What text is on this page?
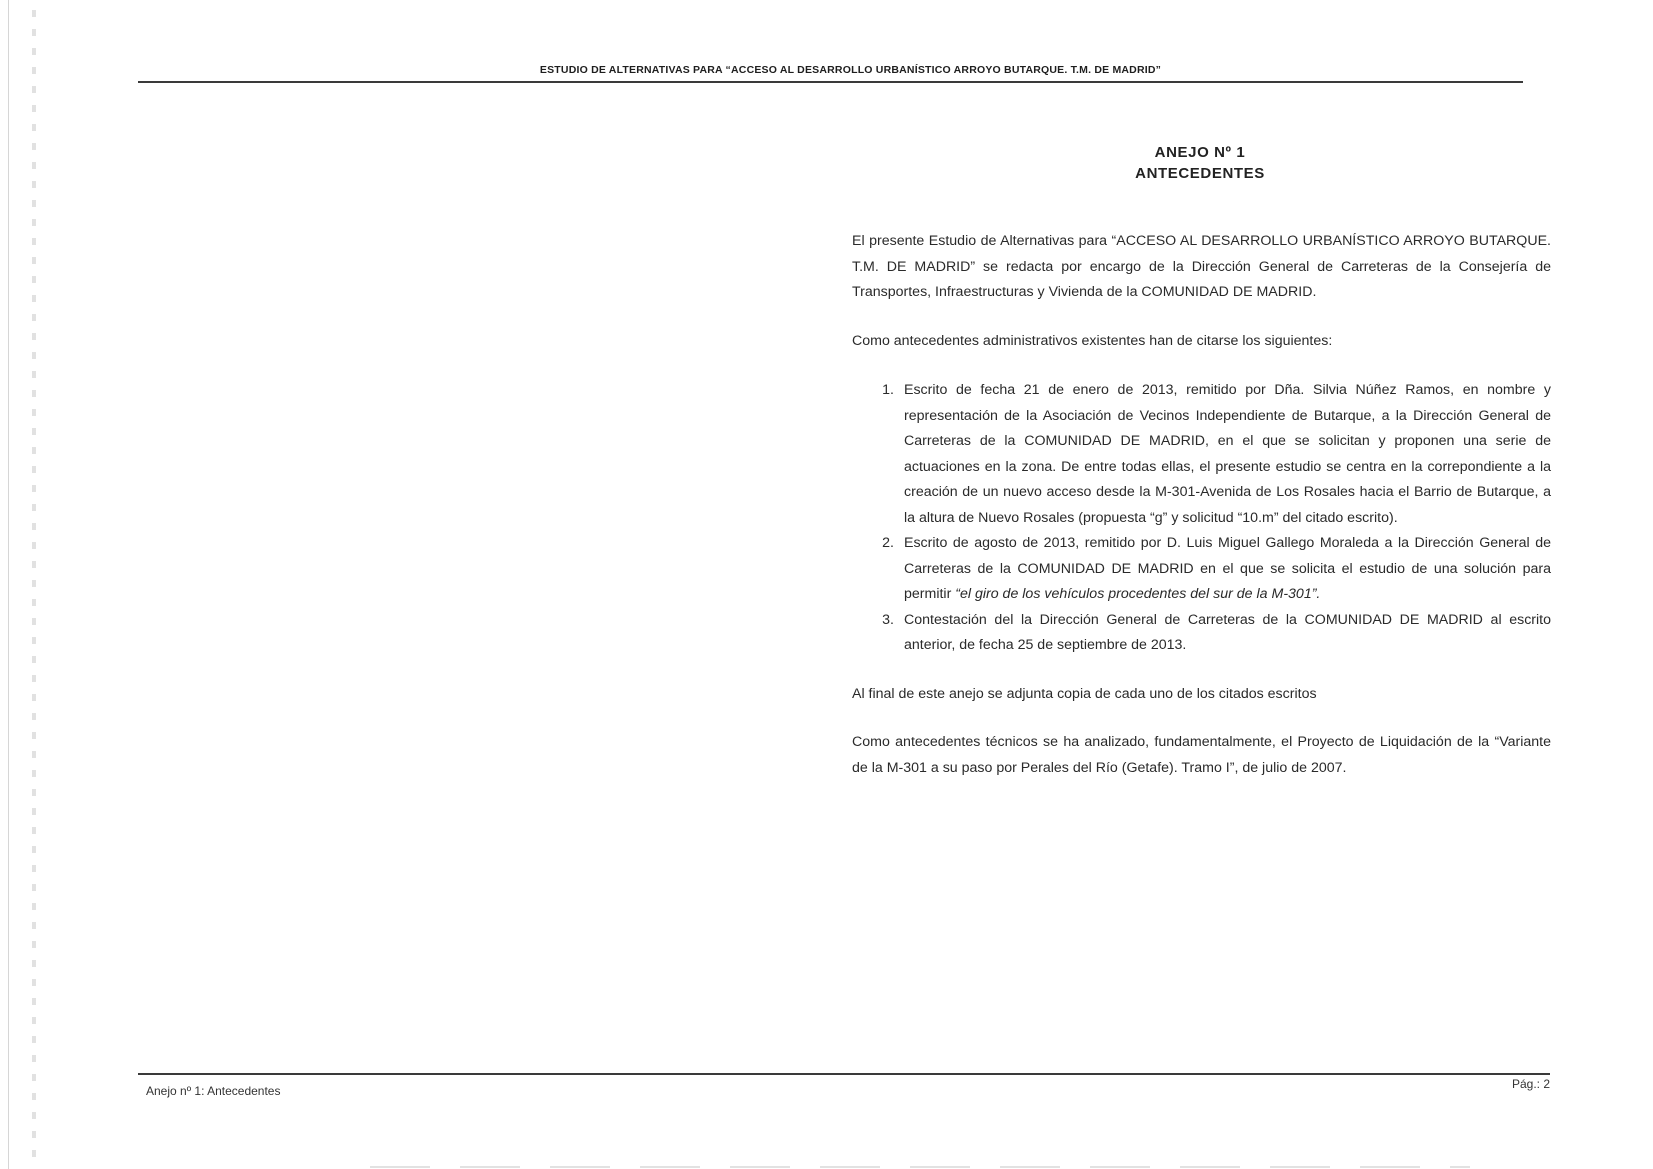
ESTUDIO DE ALTERNATIVAS PARA “ACCESO AL DESARROLLO URBANÍSTICO ARROYO BUTARQUE. T.M. DE MADRID”
ANEJO Nº 1
ANTECEDENTES

El presente Estudio de Alternativas para “ACCESO AL DESARROLLO URBANÍSTICO ARROYO BUTARQUE. T.M. DE MADRID” se redacta por encargo de la Dirección General de Carreteras de la Consejería de Transportes, Infraestructuras y Vivienda de la COMUNIDAD DE MADRID.

Como antecedentes administrativos existentes han de citarse los siguientes:

1. Escrito de fecha 21 de enero de 2013, remitido por Dña. Silvia Núñez Ramos, en nombre y representación de la Asociación de Vecinos Independiente de Butarque, a la Dirección General de Carreteras de la COMUNIDAD DE MADRID, en el que se solicitan y proponen una serie de actuaciones en la zona. De entre todas ellas, el presente estudio se centra en la correpondiente a la creación de un nuevo acceso desde la M-301-Avenida de Los Rosales hacia el Barrio de Butarque, a la altura de Nuevo Rosales (propuesta “g” y solicitud “10.m” del citado escrito).
2. Escrito de agosto de 2013, remitido por D. Luis Miguel Gallego Moraleda a la Dirección General de Carreteras de la COMUNIDAD DE MADRID en el que se solicita el estudio de una solución para permitir “el giro de los vehículos procedentes del sur de la M-301”.
3. Contestación del la Dirección General de Carreteras de la COMUNIDAD DE MADRID al escrito anterior, de fecha 25 de septiembre de 2013.

Al final de este anejo se adjunta copia de cada uno de los citados escritos

Como antecedentes técnicos se ha analizado, fundamentalmente, el Proyecto de Liquidación de la “Variante de la M-301 a su paso por Perales del Río (Getafe). Tramo I”, de julio de 2007.

Anejo nº 1: Antecedentes	Pág.: 2
